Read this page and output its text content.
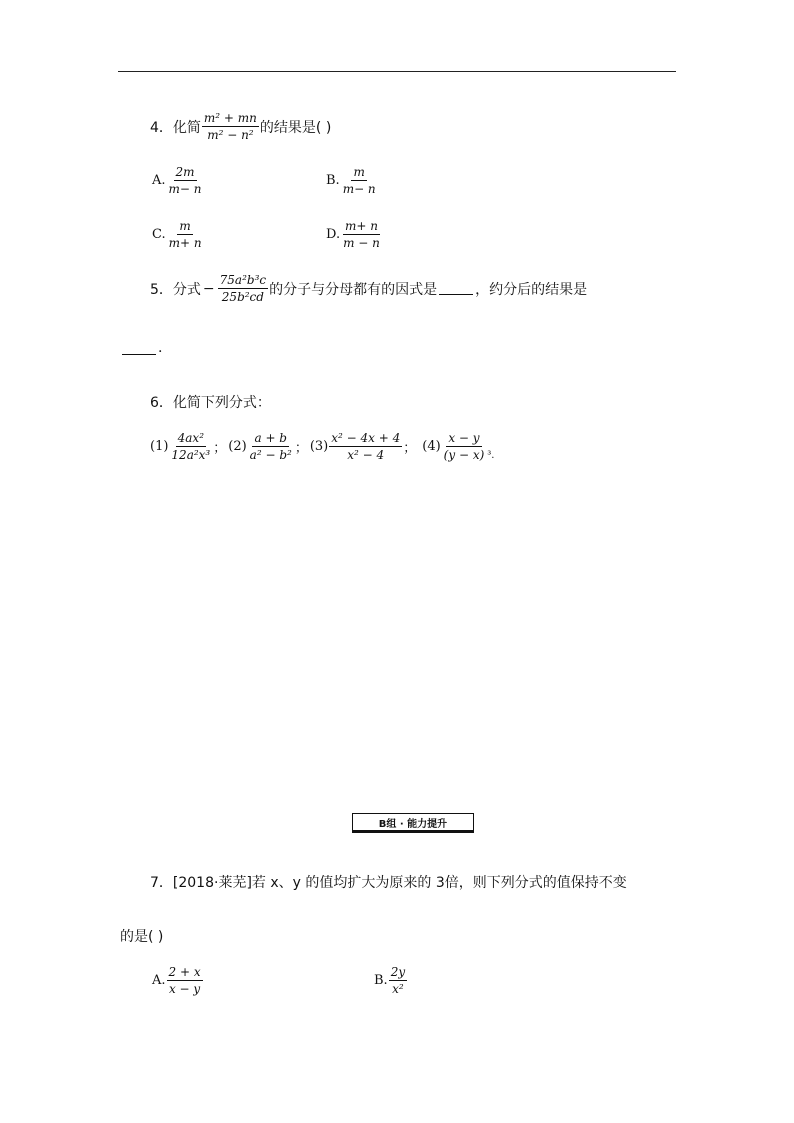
4．化简 $\frac{\text{m² + mn}}{\text{m² − n²}}$ 的结果是( )
A. $\frac{2m}{m- n}$	B. $\frac{m}{m- n}$
C. $\frac{m}{m+ n}$	D. $\frac{m+ n}{m - n}$
5．分式 − $\frac{\text{75a²b³c}}{\text{25b²cd}}$ 的分子与分母都有的因式是	，约分后的结果是
.
6．化简下列分式：
$(1) \frac{\text{4ax²}}{\text{12a²x³}}$ ； $(2) \frac{a + b}{\text{a² − b²}}$ ； $(3) \frac{\text{x² − 4x + 4}}{\text{x² − 4}}$ ； $(4) \frac{x - y}{(y - x)} ^3$.
B组 · 能力提升
7．[2018·莱芜]若 x、y 的值均扩大为原来的 3倍，则下列分式的值保持不变
的是( )
A. $\frac{2 + x}{x - y}$	B. $\frac{2y}{\text{x²}}$
